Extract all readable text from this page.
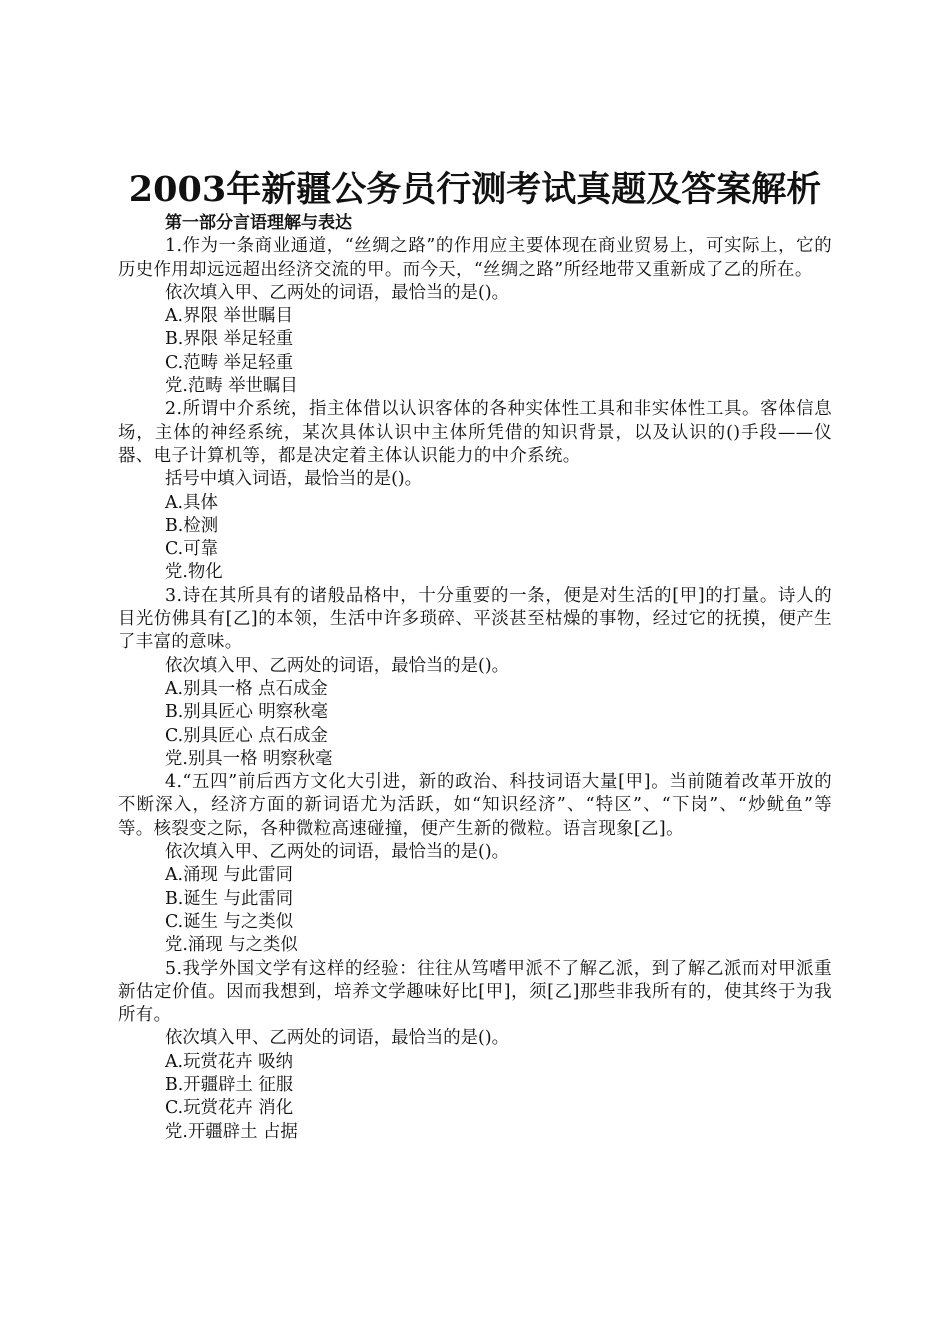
2003年新疆公务员行测考试真题及答案解析
第一部分言语理解与表达
1.作为一条商业通道，“丝绸之路”的作用应主要体现在商业贸易上，可实际上，它的历史作用却远远超出经济交流的甲。而今天，“丝绸之路”所经地带又重新成了乙的所在。
依次填入甲、乙两处的词语，最恰当的是()。
A.界限 举世瞩目
B.界限 举足轻重
C.范畴 举足轻重
党.范畴 举世瞩目
2.所谓中介系统，指主体借以认识客体的各种实体性工具和非实体性工具。客体信息场，主体的神经系统，某次具体认识中主体所凭借的知识背景，以及认识的()手段——仪器、电子计算机等，都是决定着主体认识能力的中介系统。
括号中填入词语，最恰当的是()。
A.具体
B.检测
C.可靠
党.物化
3.诗在其所具有的诸般品格中，十分重要的一条，便是对生活的[甲]的打量。诗人的目光仿佛具有[乙]的本领，生活中许多琐碎、平淡甚至枯燥的事物，经过它的抚摸，便产生了丰富的意味。
依次填入甲、乙两处的词语，最恰当的是()。
A.别具一格 点石成金
B.别具匠心 明察秋毫
C.别具匠心 点石成金
党.别具一格 明察秋毫
4.“五四”前后西方文化大引进，新的政治、科技词语大量[甲]。当前随着改革开放的不断深入，经济方面的新词语尤为活跃，如“知识经济”、“特区”、“下岗”、“炒鱿鱼”等等。核裂变之际，各种微粒高速碰撞，便产生新的微粒。语言现象[乙]。
依次填入甲、乙两处的词语，最恰当的是()。
A.涌现 与此雷同
B.诞生 与此雷同
C.诞生 与之类似
党.涌现 与之类似
5.我学外国文学有这样的经验：往往从笃嗜甲派不了解乙派，到了解乙派而对甲派重新估定价值。因而我想到，培养文学趣味好比[甲]，须[乙]那些非我所有的，使其终于为我所有。
依次填入甲、乙两处的词语，最恰当的是()。
A.玩赏花卉 吸纳
B.开疆辟土 征服
C.玩赏花卉 消化
党.开疆辟土 占据
